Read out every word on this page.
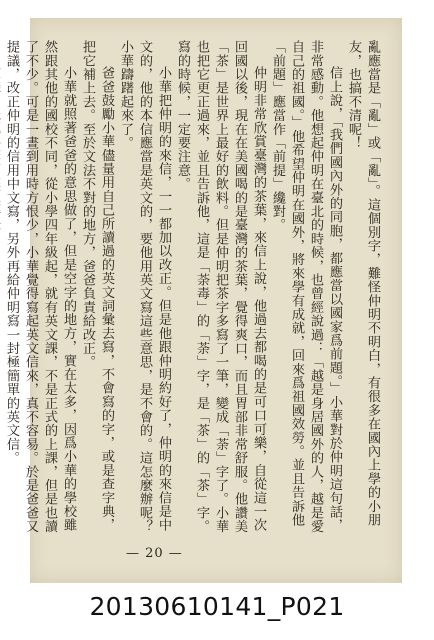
亂應當是「亂」或「亂」。這個別字，難怪仲明不明白，有很多在國內上學的小朋友，也搞不清呢！

信上說，「我們國內外的同胞，都應當以國家爲前題。」小華對於仲明這句話，非常感動。他想起仲明在臺北的時候，也曾經說過：「越是身居國外的人，越是愛自己的祖國。」他希望仲明在國外，將來學有成就，回來爲祖國效勞。並且告訴他「前題」應當作「前提」纔對。

仲明非常欣賞臺灣的茶葉，來信上說，他過去都喝的是可口可樂，自從這一次回國以後，現在在美國喝的是臺灣的茶葉，覺得爽口，而且胃部非常舒服。他讚美「茶」是世界上最好的飲料。但是仲明把茶字多寫了一筆，變成「荼」字了。小華也把它更正過來，並且告訴他，這是「荼毒」的「荼」字，是「茶」的「茶」字。寫的時候，一定要注意。

小華把仲明的來信，一一都加以改正。但是他跟仲明約好了，仲明的來信是中文的，他的本信應當是英文的，要他用英文寫這些意思，是不會的。這怎麼辦呢？小華躊躇起來了。

爸爸鼓勵小華儘量用自己所讀過的英文詞彙去寫，不會寫的字，或是查字典，把它補上去。至於文法不對的地方，爸爸負責給改正。

小華就照著爸爸的意思做了，但是空字的地方，實在太多，因爲小華的學校雖然跟其他的國校不同，從小學四年級起，就有英文課，不是正式的上課，但是也讀了不少。可是一晝到用時方恨少，小華覺得寫起英文信來，真不容易。於是爸爸又提議，改正仲明的信用中文寫，另外再給仲明寫一封極簡單的英文信。

— 20 —
20130610141_P021
